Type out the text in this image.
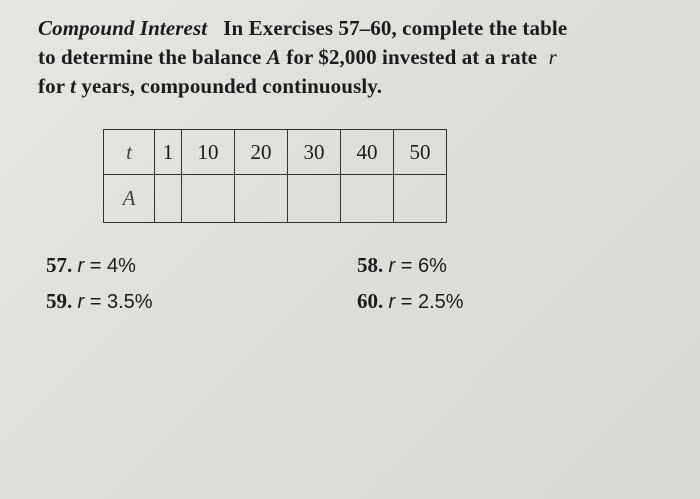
Compound Interest In Exercises 57–60, complete the table
to determine the balance A for $2,000 invested at a rate r
for t years, compounded continuously.
t	1	10	20	30	40	50
A						
57. r = 4%	58. r = 6%
59. r = 3.5%	60. r = 2.5%
